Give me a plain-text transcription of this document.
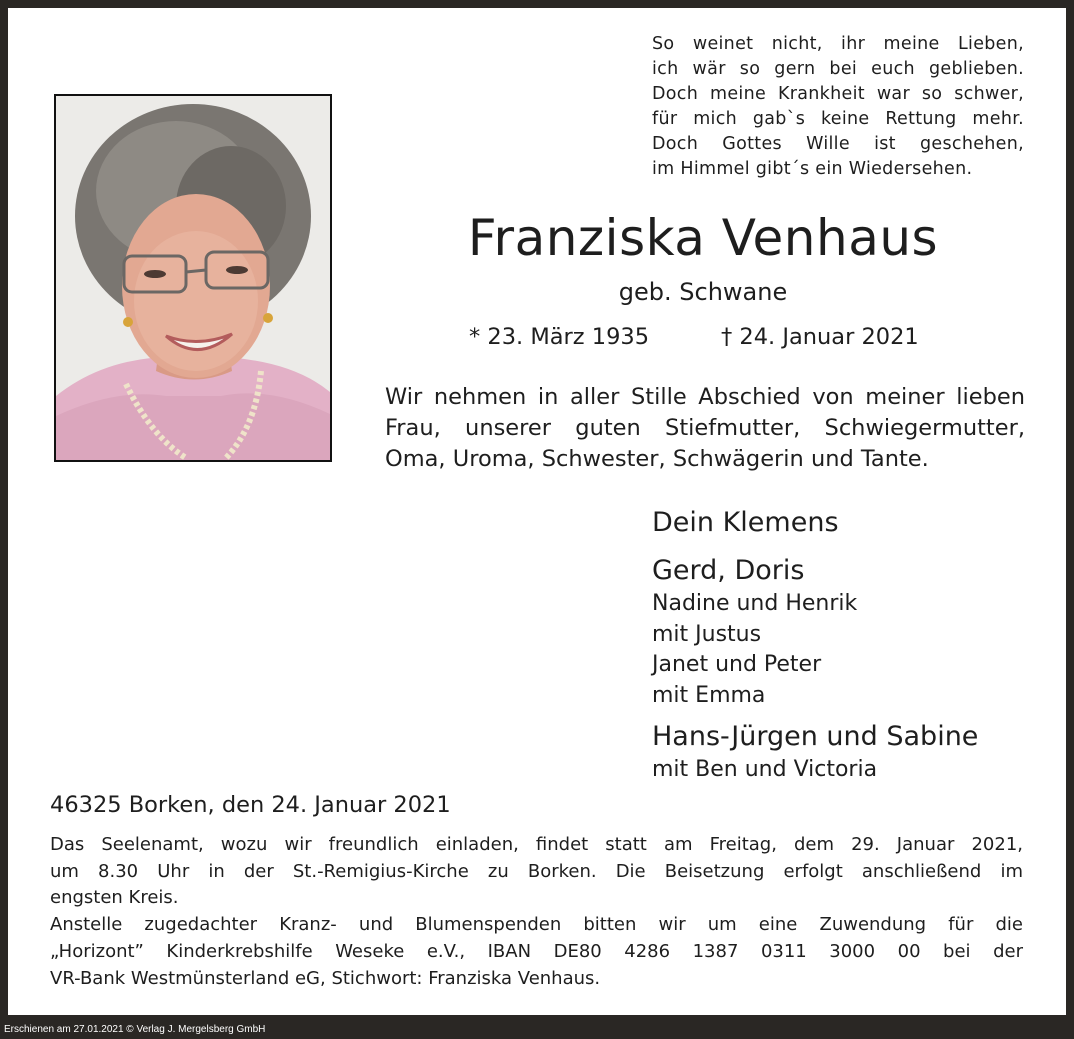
So weinet nicht, ihr meine Lieben,
ich wär so gern bei euch geblieben.
Doch meine Krankheit war so schwer,
für mich gab`s keine Rettung mehr.
Doch Gottes Wille ist geschehen,
im Himmel gibt´s ein Wiedersehen.
Franziska Venhaus
geb. Schwane
* 23. März 1935	† 24. Januar 2021
Wir nehmen in aller Stille Abschied von meiner lieben
Frau, unserer guten Stiefmutter, Schwiegermutter,
Oma, Uroma, Schwester, Schwägerin und Tante.
Dein Klemens
Gerd, Doris
Nadine und Henrik
mit Justus
Janet und Peter
mit Emma
Hans-Jürgen und Sabine
mit Ben und Victoria
46325 Borken, den 24. Januar 2021
Das Seelenamt, wozu wir freundlich einladen, findet statt am Freitag, dem 29. Januar 2021,
um 8.30 Uhr in der St.-Remigius-Kirche zu Borken. Die Beisetzung erfolgt anschließend im
engsten Kreis.
Anstelle zugedachter Kranz- und Blumenspenden bitten wir um eine Zuwendung für die
„Horizont” Kinderkrebshilfe Weseke e.V., IBAN DE80 4286 1387 0311 3000 00 bei der
VR-Bank Westmünsterland eG, Stichwort: Franziska Venhaus.
Erschienen am 27.01.2021 © Verlag J. Mergelsberg GmbH
